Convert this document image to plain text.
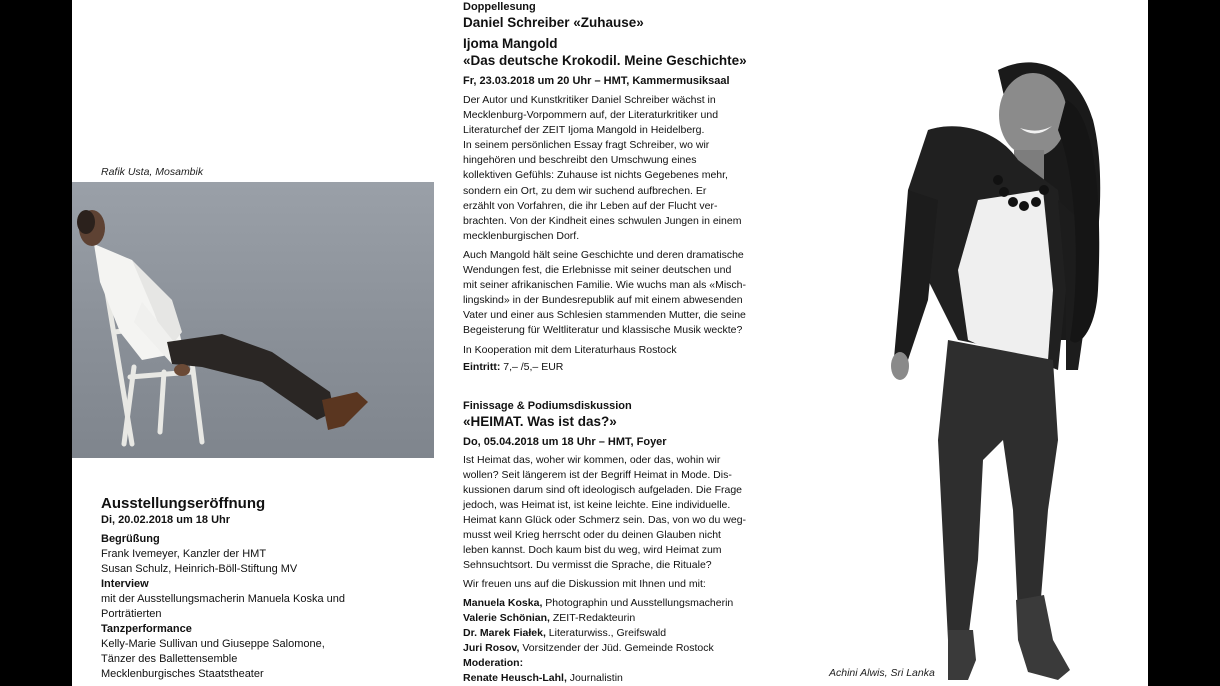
Rafik Usta, Mosambik
Ausstellungseröffnung
Di, 20.02.2018 um 18 Uhr
Begrüßung
Frank Ivemeyer, Kanzler der HMT
Susan Schulz, Heinrich-Böll-Stiftung MV
Interview
mit der Ausstellungsmacherin Manuela Koska und
Porträtierten
Tanzperformance
Kelly-Marie Sullivan und Giuseppe Salomone,
Tänzer des Ballettensemble
Mecklenburgisches Staatstheater
Doppellesung
Daniel Schreiber «Zuhause»
Ijoma Mangold
«Das deutsche Krokodil. Meine Geschichte»
Fr, 23.03.2018 um 20 Uhr – HMT, Kammermusiksaal
Der Autor und Kunstkritiker Daniel Schreiber wächst in
Mecklenburg-Vorpommern auf, der Literaturkritiker und
Literaturchef der ZEIT Ijoma Mangold in Heidelberg.
In seinem persönlichen Essay fragt Schreiber, wo wir
hingehören und beschreibt den Umschwung eines
kollektiven Gefühls: Zuhause ist nichts Gegebenes mehr,
sondern ein Ort, zu dem wir suchend aufbrechen. Er
erzählt von Vorfahren, die ihr Leben auf der Flucht ver-
brachten. Von der Kindheit eines schwulen Jungen in einem
mecklenburgischen Dorf.
Auch Mangold hält seine Geschichte und deren dramatische
Wendungen fest, die Erlebnisse mit seiner deutschen und
mit seiner afrikanischen Familie. Wie wuchs man als «Misch-
lingskind» in der Bundesrepublik auf mit einem abwesenden
Vater und einer aus Schlesien stammenden Mutter, die seine
Begeisterung für Weltliteratur und klassische Musik weckte?
In Kooperation mit dem Literaturhaus Rostock
Eintritt: 7,– /5,– EUR
Finissage & Podiumsdiskussion
«HEIMAT. Was ist das?»
Do, 05.04.2018 um 18 Uhr – HMT, Foyer
Ist Heimat das, woher wir kommen, oder das, wohin wir
wollen? Seit längerem ist der Begriff Heimat in Mode. Dis-
kussionen darum sind oft ideologisch aufgeladen. Die Frage
jedoch, was Heimat ist, ist keine leichte. Eine individuelle.
Heimat kann Glück oder Schmerz sein. Das, von wo du weg-
musst weil Krieg herrscht oder du deinen Glauben nicht
leben kannst. Doch kaum bist du weg, wird Heimat zum
Sehnsuchtsort. Du vermisst die Sprache, die Rituale?
Wir freuen uns auf die Diskussion mit Ihnen und mit:
Manuela Koska, Photographin und Ausstellungsmacherin
Valerie Schönian, ZEIT-Redakteurin
Dr. Marek Fiałek, Literaturwiss., Greifswald
Juri Rosov, Vorsitzender der Jüd. Gemeinde Rostock
Moderation:
Renate Heusch-Lahl, Journalistin	Achini Alwis, Sri Lanka
